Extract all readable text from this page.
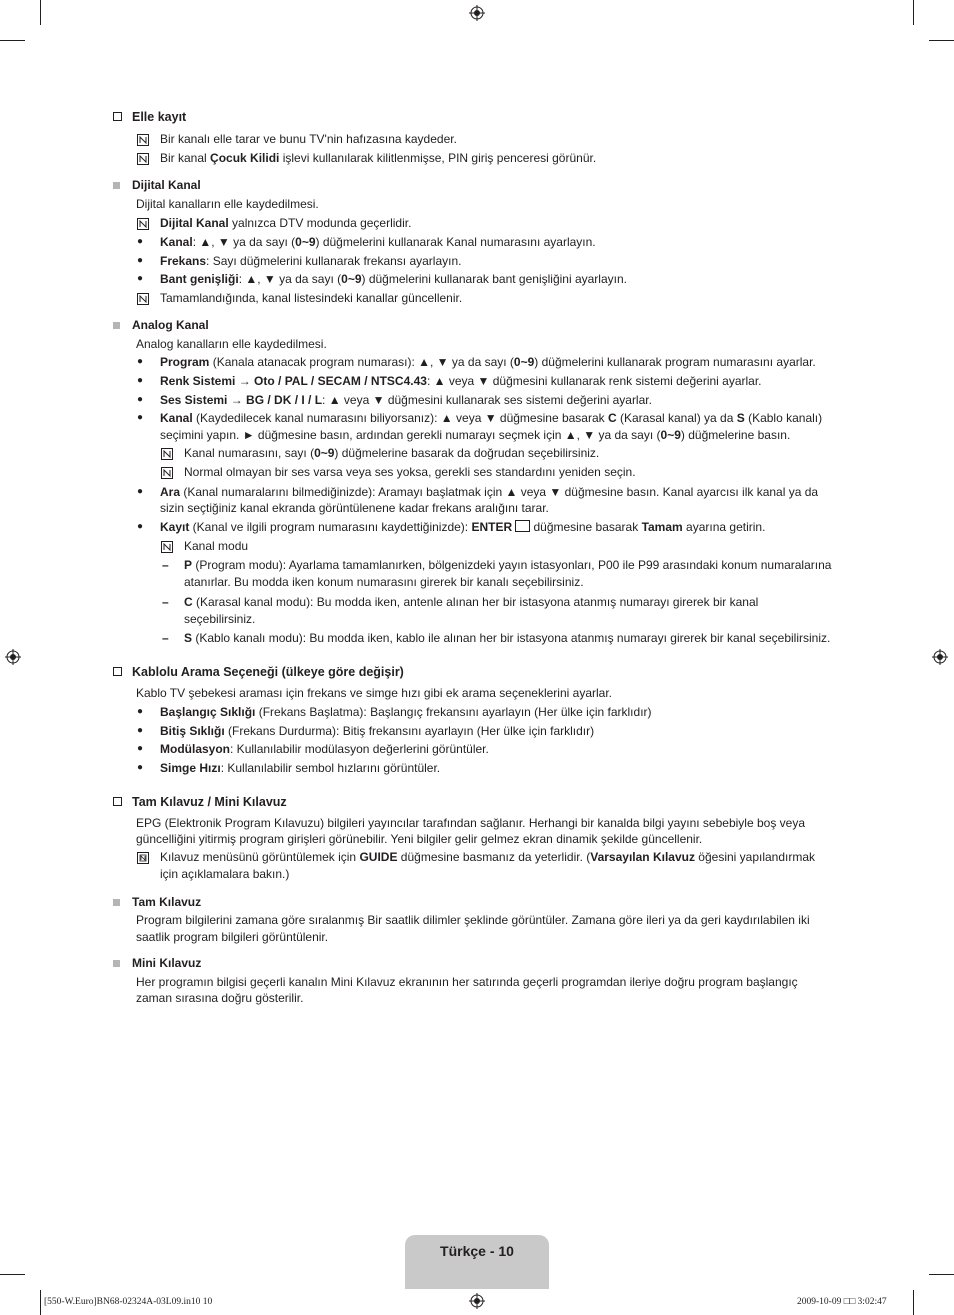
Elle kayıt
Bir kanalı elle tarar ve bunu TV'nin hafızasına kaydeder.
Bir kanal Çocuk Kilidi işlevi kullanılarak kilitlenmişse, PIN giriş penceresi görünür.
Dijital Kanal
Dijital kanalların elle kaydedilmesi.
Dijital Kanal yalnızca DTV modunda geçerlidir.
● Kanal: ▲, ▼ ya da sayı (0~9) düğmelerini kullanarak Kanal numarasını ayarlayın.
● Frekans: Sayı düğmelerini kullanarak frekansı ayarlayın.
● Bant genişliği: ▲, ▼ ya da sayı (0~9) düğmelerini kullanarak bant genişliğini ayarlayın.
Tamamlandığında, kanal listesindeki kanallar güncellenir.
Analog Kanal
Analog kanalların elle kaydedilmesi.
● Program (Kanala atanacak program numarası): ▲, ▼ ya da sayı (0~9) düğmelerini kullanarak program numarasını ayarlar.
● Renk Sistemi → Oto / PAL / SECAM / NTSC4.43: ▲ veya ▼ düğmesini kullanarak renk sistemi değerini ayarlar.
● Ses Sistemi → BG / DK / I / L: ▲ veya ▼ düğmesini kullanarak ses sistemi değerini ayarlar.
● Kanal (Kaydedilecek kanal numarasını biliyorsanız): ▲ veya ▼ düğmesine basarak C (Karasal kanal) ya da S (Kablo kanalı)
seçimini yapın. ► düğmesine basın, ardından gerekli numarayı seçmek için ▲, ▼ ya da sayı (0~9) düğmelerine basın.
Kanal numarasını, sayı (0~9) düğmelerine basarak da doğrudan seçebilirsiniz.
Normal olmayan bir ses varsa veya ses yoksa, gerekli ses standardını yeniden seçin.
● Ara (Kanal numaralarını bilmediğinizde): Aramayı başlatmak için ▲ veya ▼ düğmesine basın. Kanal ayarcısı ilk kanal ya da
sizin seçtiğiniz kanal ekranda görüntülenene kadar frekans aralığını tarar.
● Kayıt (Kanal ve ilgili program numarasını kaydettiğinizde): ENTER düğmesine basarak Tamam ayarına getirin.
Kanal modu
– P (Program modu): Ayarlama tamamlanırken, bölgenizdeki yayın istasyonları, P00 ile P99 arasındaki konum numaralarına
atanırlar. Bu modda iken konum numarasını girerek bir kanalı seçebilirsiniz.
– C (Karasal kanal modu): Bu modda iken, antenle alınan her bir istasyona atanmış numarayı girerek bir kanal
seçebilirsiniz.
– S (Kablo kanalı modu): Bu modda iken, kablo ile alınan her bir istasyona atanmış numarayı girerek bir kanal seçebilirsiniz.
Kablolu Arama Seçeneği (ülkeye göre değişir)
Kablo TV şebekesi araması için frekans ve simge hızı gibi ek arama seçeneklerini ayarlar.
● Başlangıç Sıklığı (Frekans Başlatma): Başlangıç frekansını ayarlayın (Her ülke için farklıdır)
● Bitiş Sıklığı (Frekans Durdurma): Bitiş frekansını ayarlayın (Her ülke için farklıdır)
● Modülasyon: Kullanılabilir modülasyon değerlerini görüntüler.
● Simge Hızı: Kullanılabilir sembol hızlarını görüntüler.
Tam Kılavuz / Mini Kılavuz
EPG (Elektronik Program Kılavuzu) bilgileri yayıncılar tarafından sağlanır. Herhangi bir kanalda bilgi yayını sebebiyle boş veya
güncelliğini yitirmiş program girişleri görünebilir. Yeni bilgiler gelir gelmez ekran dinamik şekilde güncellenir.
Kılavuz menüsünü görüntülemek için GUIDE düğmesine basmanız da yeterlidir. (Varsayılan Kılavuz öğesini yapılandırmak
için açıklamalara bakın.)
Tam Kılavuz
Program bilgilerini zamana göre sıralanmış Bir saatlik dilimler şeklinde görüntüler. Zamana göre ileri ya da geri kaydırılabilen iki
saatlik program bilgileri görüntülenir.
Mini Kılavuz
Her programın bilgisi geçerli kanalın Mini Kılavuz ekranının her satırında geçerli programdan ileriye doğru program başlangıç
zaman sırasına doğru gösterilir.
Türkçe - 10
[550-W.Euro]BN68-02324A-03L09.in10 10	2009-10-09 □□ 3:02:47
